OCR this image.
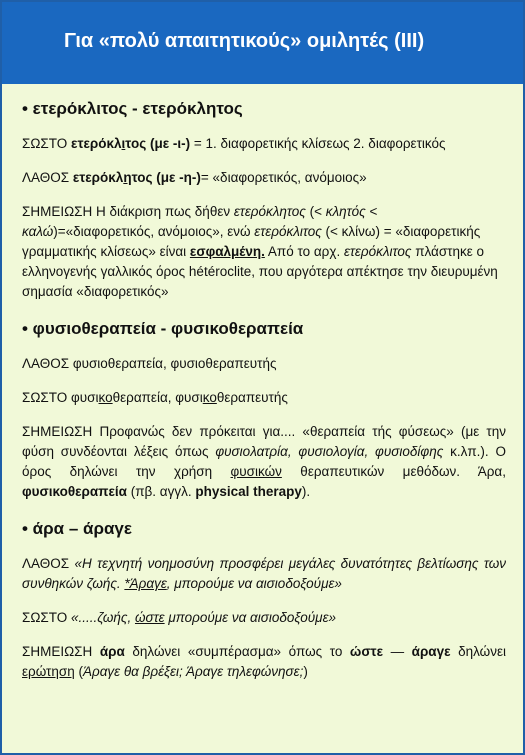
Για «πολύ απαιτητικούς» ομιλητές (ΙΙΙ)
• ετερόκλιτος - ετερόκλητος
ΣΩΣΤΟ ετερόκλιτος (με -ι-) = 1. διαφορετικής κλίσεως 2. διαφορετικός
ΛΑΘΟΣ ετερόκλητος (με -η-)= «διαφορετικός, ανόμοιος»
ΣΗΜΕΙΩΣΗ Η διάκριση πως δήθεν ετερόκλητος (< κλητός < καλώ)=«διαφορετικός, ανόμοιος», ενώ ετερόκλιτος (< κλίνω) = «διαφορετικής γραμματικής κλίσεως» είναι εσφαλμένη. Από το αρχ. ετερόκλιτος πλάστηκε ο ελληνογενής γαλλικός όρος hétéroclite, που αργότερα απέκτησε την διευρυμένη σημασία «διαφορετικός»
• φυσιοθεραπεία - φυσικοθεραπεία
ΛΑΘΟΣ φυσιοθεραπεία, φυσιοθεραπευτής
ΣΩΣΤΟ φυσικοθεραπεία, φυσικοθεραπευτής
ΣΗΜΕΙΩΣΗ Προφανώς δεν πρόκειται για.... «θεραπεία τής φύσεως» (με την φύση συνδέονται λέξεις όπως φυσιολατρία, φυσιολογία, φυσιοδίφης κ.λπ.). Ο όρος δηλώνει την χρήση φυσικών θεραπευτικών μεθόδων. Άρα, φυσικοθεραπεία (πβ. αγγλ. physical therapy).
• άρα – άραγε
ΛΑΘΟΣ «Η τεχνητή νοημοσύνη προσφέρει μεγάλες δυνατότητες βελτίωσης των συνθηκών ζωής. *Άραγε, μπορούμε να αισιοδοξούμε»
ΣΩΣΤΟ «.....ζωής, ώστε μπορούμε να αισιοδοξούμε»
ΣΗΜΕΙΩΣΗ άρα δηλώνει «συμπέρασμα» όπως το ώστε — άραγε δηλώνει ερώτηση (Άραγε θα βρέξει; Άραγε τηλεφώνησε;)
